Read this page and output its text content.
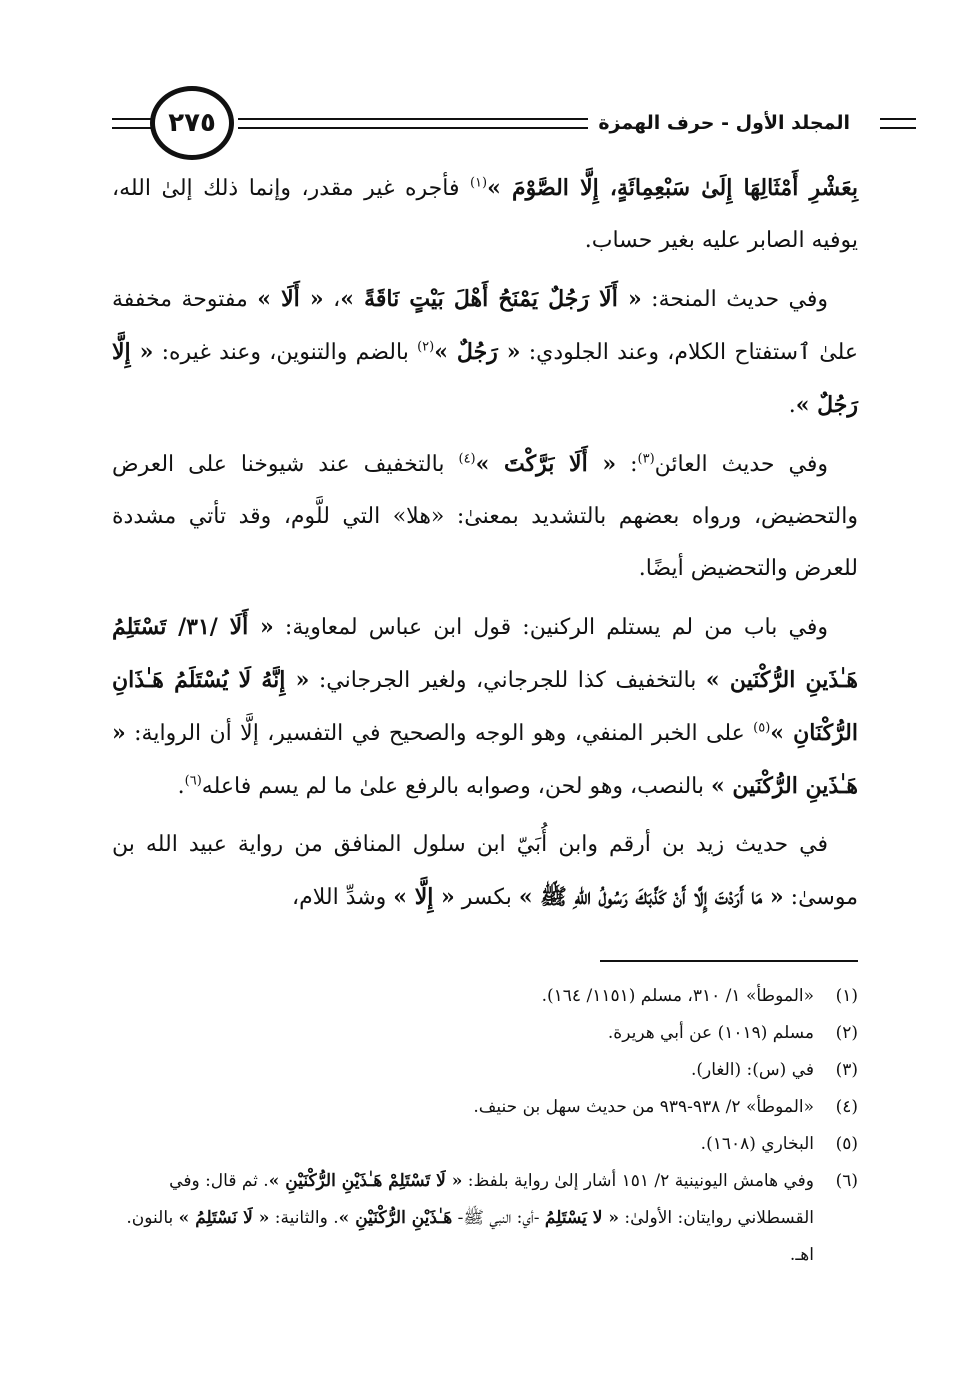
المجلد الأول - حرف الهمزة
٢٧٥

بِعَشْرِ أَمْثَالِهَا إِلَىٰ سَبْعِمِائَةٍ، إِلَّا الصَّوْمَ »$^{(١)}$ فأجره غير مقدر، وإنما ذلك إلىٰ الله، يوفيه الصابر عليه بغير حساب.

وفي حديث المنحة: « أَلَا رَجُلٌ يَمْنَحُ أَهْلَ بَيْتٍ نَاقَةً »، « أَلَا » مفتوحة مخففة علىٰ ٱستفتاح الكلام، وعند الجلودي: « رَجُلٌ »$^{(٢)}$ بالضم والتنوين، وعند غيره: « إِلَّا رَجُلٌ ».

وفي حديث العائن$^{(٣)}$: « أَلَا بَرَّكْتَ »$^{(٤)}$ بالتخفيف عند شيوخنا على العرض والتحضيض، ورواه بعضهم بالتشديد بمعنىٰ: «هلا» التي للَّوم، وقد تأتي مشددة للعرض والتحضيض أيضًا.

وفي باب من لم يستلم الركنين: قول ابن عباس لمعاوية: « أَلَا /٣١/ تَسْتَلِمُ هَـٰذَينِ الرُّكْنَين » بالتخفيف كذا للجرجاني، ولغير الجرجاني: « إِنَّهُ لَا يُسْتَلَمُ هَـٰذَانِ الرُّكْنَانِ »$^{(٥)}$ على الخبر المنفي، وهو الوجه والصحيح في التفسير، إلَّا أن الرواية: « هَـٰذَينِ الرُّكْنَين » بالنصب، وهو لحن، وصوابه بالرفع علىٰ ما لم يسم فاعله$^{(٦)}$.

في حديث زيد بن أرقم وابن أُبَيّ ابن سلول المنافق من رواية عبيد الله بن موسىٰ: « مَا أَرَدْتَ إِلَّا أَنْ كَذَّبَكَ رَسُولُ اللهِ ﷺ » بكسر « إِلَّا » وشدِّ اللام،

(١)
«الموطأ» ١/ ٣١٠، مسلم (١١٥١/ ١٦٤).
(٢)
مسلم (١٠١٩) عن أبي هريرة.
(٣)
في (س): (الغار).
(٤)
«الموطأ» ٢/ ٩٣٨-٩٣٩ من حديث سهل بن حنيف.
(٥)
البخاري (١٦٠٨).
(٦)
وفي هامش اليونينية ٢/ ١٥١ أشار إلىٰ رواية بلفظ: « لَا تَسْتَلِمْ هَـٰذَيْنِ الرُّكْنَيْنِ ». ثم قال: وفي القسطلاني روايتان: الأولىٰ: « لا يَسْتَلِمُ -أي: النبي ﷺ- هَـٰذَيْنِ الرُّكْنَيْنِ ». والثانية: « لَا نَسْتَلِمُ » بالنون. اهـ.
